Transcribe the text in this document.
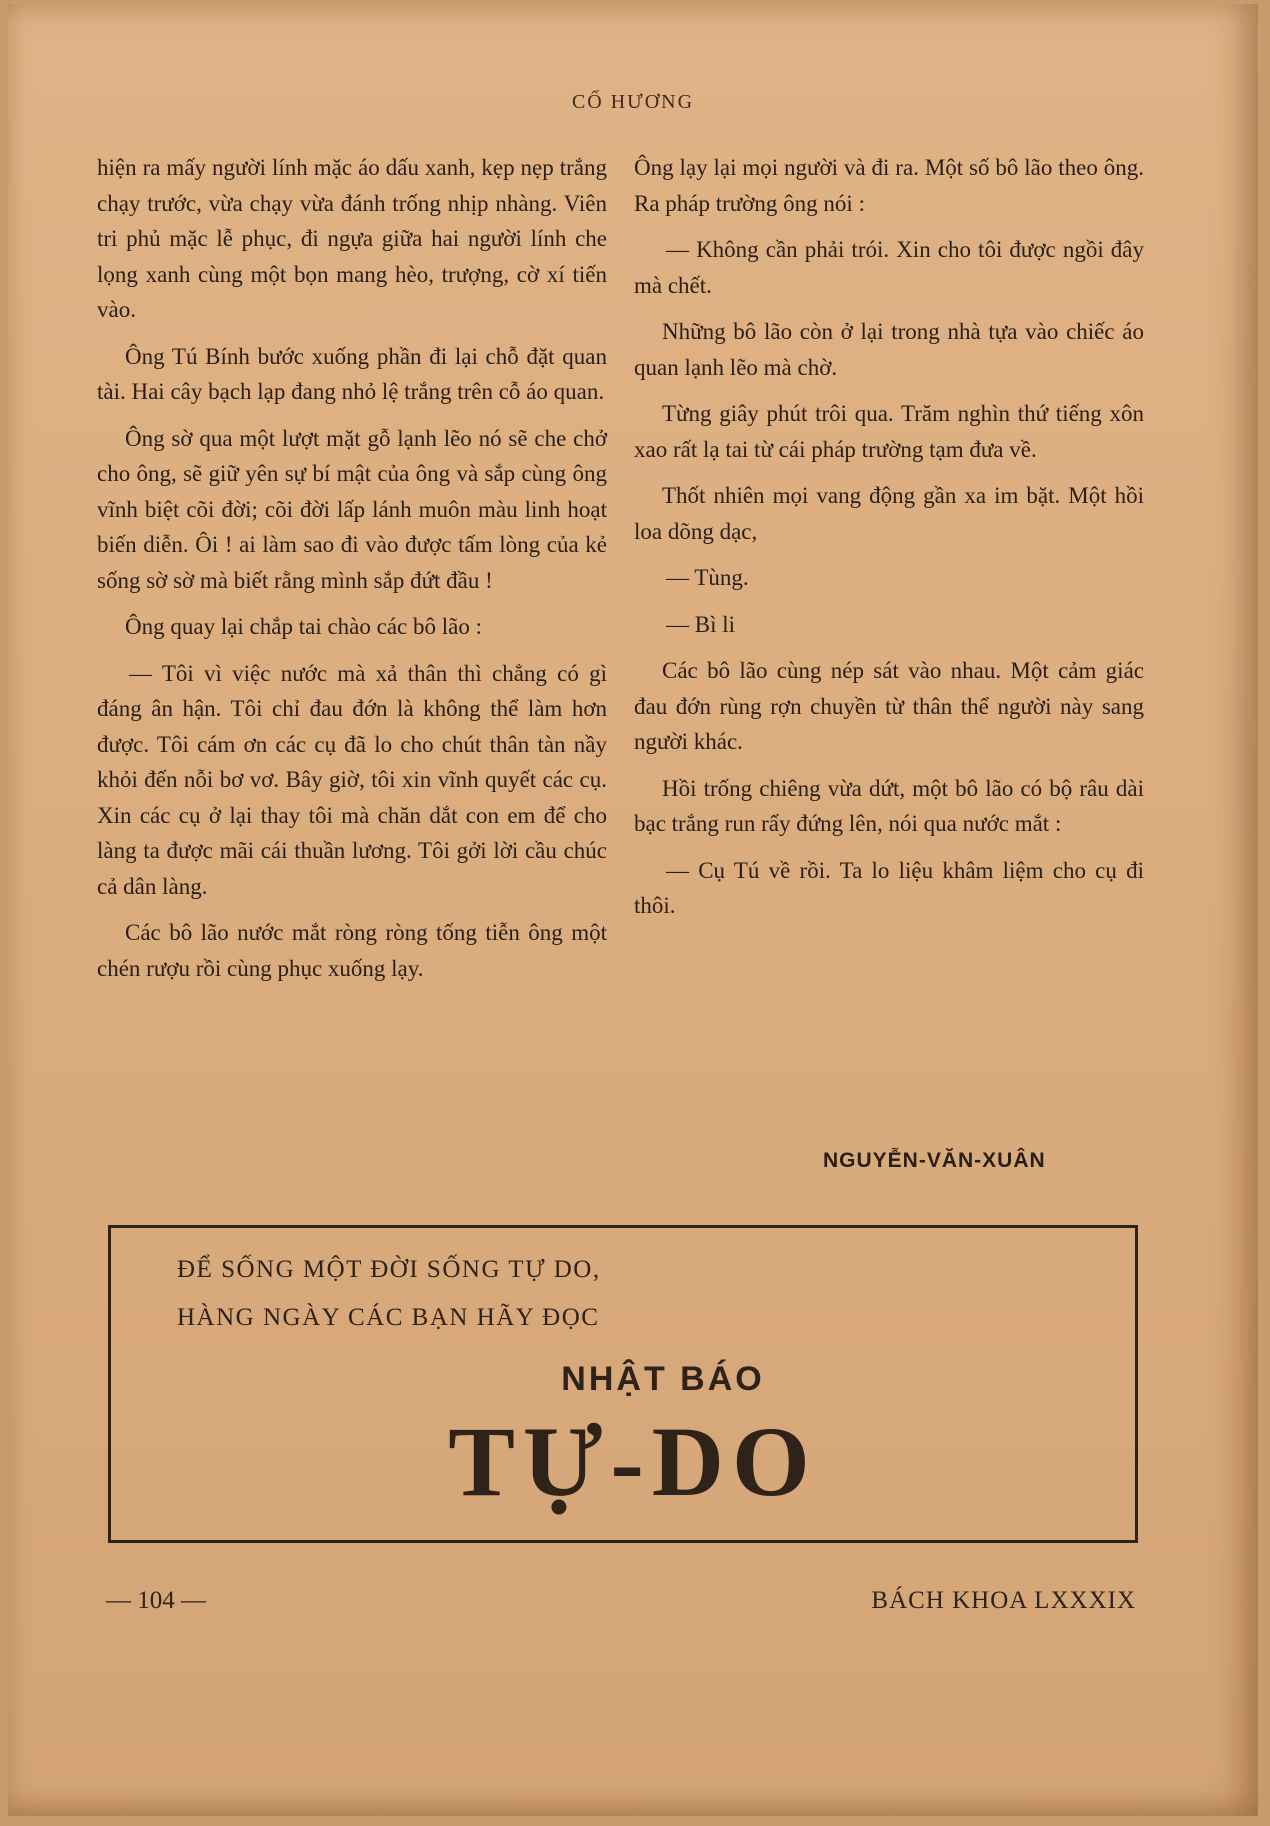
CỐ HƯƠNG

hiện ra mấy người lính mặc áo dấu xanh, kẹp nẹp trắng chạy trước, vừa chạy vừa đánh trống nhịp nhàng. Viên tri phủ mặc lễ phục, đi ngựa giữa hai người lính che lọng xanh cùng một bọn mang hèo, trượng, cờ xí tiến vào.

Ông Tú Bính bước xuống phần đi lại chỗ đặt quan tài. Hai cây bạch lạp đang nhỏ lệ trắng trên cỗ áo quan.

Ông sờ qua một lượt mặt gỗ lạnh lẽo nó sẽ che chở cho ông, sẽ giữ yên sự bí mật của ông và sắp cùng ông vĩnh biệt cõi đời; cõi đời lấp lánh muôn màu linh hoạt biến diễn. Ôi ! ai làm sao đi vào được tấm lòng của kẻ sống sờ sờ mà biết rằng mình sắp đứt đầu !

Ông quay lại chắp tai chào các bô lão :

— Tôi vì việc nước mà xả thân thì chẳng có gì đáng ân hận. Tôi chỉ đau đớn là không thể làm hơn được. Tôi cám ơn các cụ đã lo cho chút thân tàn nầy khỏi đến nỗi bơ vơ. Bây giờ, tôi xin vĩnh quyết các cụ. Xin các cụ ở lại thay tôi mà chăn dắt con em để cho làng ta được mãi cái thuần lương. Tôi gởi lời cầu chúc cả dân làng.

Các bô lão nước mắt ròng ròng tống tiễn ông một chén rượu rồi cùng phục xuống lạy.

Ông lạy lại mọi người và đi ra. Một số bô lão theo ông. Ra pháp trường ông nói :

— Không cần phải trói. Xin cho tôi được ngồi đây mà chết.

Những bô lão còn ở lại trong nhà tựa vào chiếc áo quan lạnh lẽo mà chờ.

Từng giây phút trôi qua. Trăm nghìn thứ tiếng xôn xao rất lạ tai từ cái pháp trường tạm đưa về.

Thốt nhiên mọi vang động gần xa im bặt. Một hồi loa dõng dạc,

— Tùng.

— Bì li

Các bô lão cùng nép sát vào nhau. Một cảm giác đau đớn rùng rợn chuyền từ thân thể người này sang người khác.

Hồi trống chiêng vừa dứt, một bô lão có bộ râu dài bạc trắng run rẩy đứng lên, nói qua nước mắt :

— Cụ Tú về rồi. Ta lo liệu khâm liệm cho cụ đi thôi.

NGUYỄN-VĂN-XUÂN
ĐỂ SỐNG MỘT ĐỜI SỐNG TỰ DO,
HÀNG NGÀY CÁC BẠN HÃY ĐỌC
NHẬT BÁO
TỰ-DO
— 104 —	BÁCH KHOA LXXXIX
